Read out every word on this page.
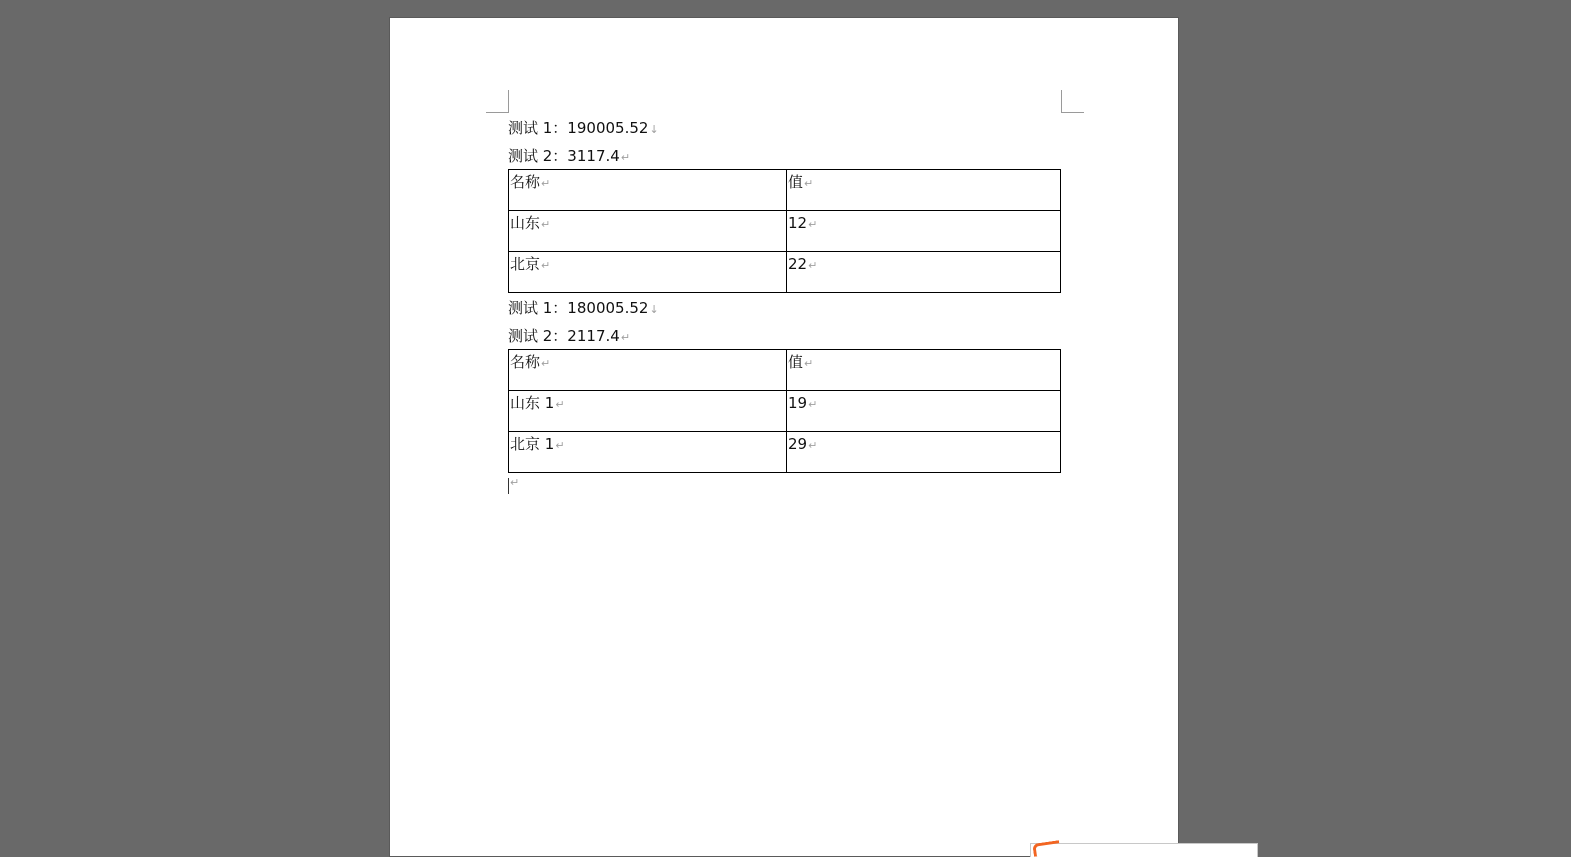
测试 1：190005.52↓
测试 2：3117.4↵
名称↵	值↵
山东↵	12↵
北京↵	22↵
测试 1：180005.52↓
测试 2：2117.4↵
名称↵	值↵
山东 1↵	19↵
北京 1↵	29↵
↵
